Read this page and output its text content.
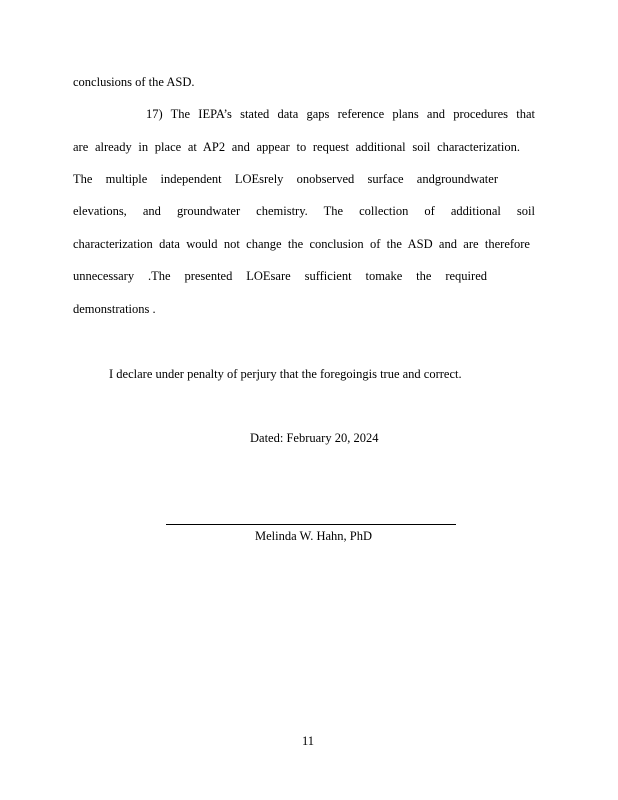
conclusions of the ASD.
17) The IEPA’s stated data gaps reference plans and procedures that
are already in place at AP2 and appear to request additional soil characterization.
The multiple independent LOEsrely onobserved surface andgroundwater
elevations, and groundwater chemistry. The collection of additional soil
characterization data would not change the conclusion of the ASD and are therefore
unnecessary .The presented LOEsare sufficient tomake the required
demonstrations .
I declare under penalty of perjury that the foregoingis true and correct.
Dated: February 20, 2024
Melinda W. Hahn, PhD
11
